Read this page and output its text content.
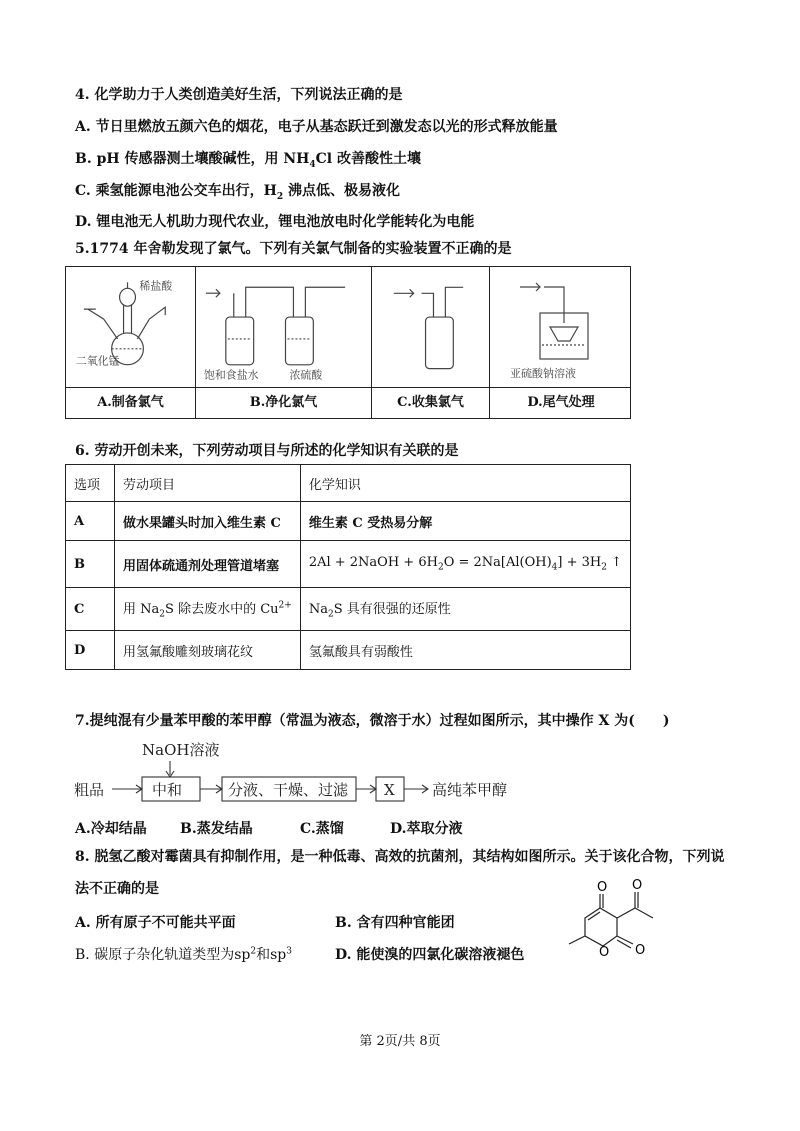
4. 化学助力于人类创造美好生活，下列说法正确的是
A. 节日里燃放五颜六色的烟花，电子从基态跃迁到激发态以光的形式释放能量
B. pH 传感器测土壤酸碱性，用 $NH_4Cl$ 改善酸性土壤
C. 乘氢能源电池公交车出行，$H_2$ 沸点低、极易液化
D. 锂电池无人机助力现代农业，锂电池放电时化学能转化为电能
5.1774 年舍勒发现了氯气。下列有关氯气制备的实验装置不正确的是
稀盐酸
二氧化锰
A.制备氯气
饱和食盐水	浓硫酸
B.净化氯气	C.收集氯气
亚硫酸钠溶液
D.尾气处理
6. 劳动开创未来，下列劳动项目与所述的化学知识有关联的是
选项	劳动项目	化学知识
A	做水果罐头时加入维生素 C	维生素 C 受热易分解
B	用固体疏通剂处理管道堵塞	2Al + 2NaOH + $6H_2O = 2Na[Al(OH)_4] + 3H_2$ ↑
C	用 $Na_2S$ 除去废水中的 $Cu^{2+}$	$Na_2S$ 具有很强的还原性
D	用氢氟酸雕刻玻璃花纹	氢氟酸具有弱酸性
7.提纯混有少量苯甲酸的苯甲醇（常温为液态，微溶于水）过程如图所示，其中操作 X 为(　　)
NaOH溶液
粗品	中和	分液、干燥、过滤 X 高纯苯甲醇
A.冷却结晶 B.蒸发结晶	C.蒸馏	D.萃取分液
8. 脱氢乙酸对霉菌具有抑制作用，是一种低毒、高效的抗菌剂，其结构如图所示。关于该化合物，下列说
法不正确的是
A. 所有原子不可能共平面	B. 含有四种官能团
B. 碳原子杂化轨道类型为$sp^2$和$sp^3$	D. 能使溴的四氯化碳溶液褪色
O O
O O
第 2页/共 8页
